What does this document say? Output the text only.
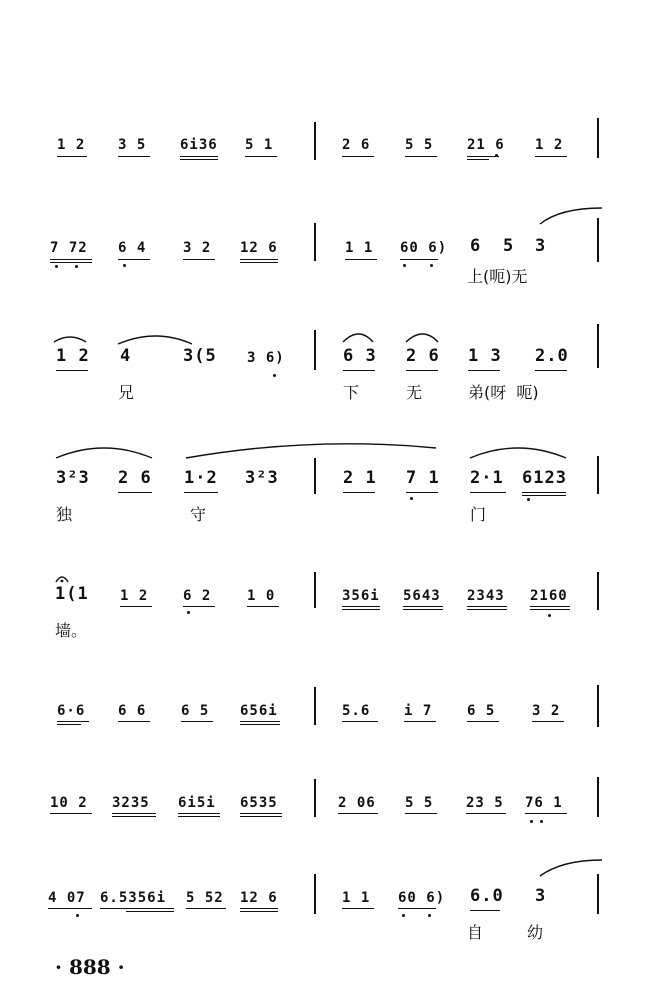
1 2 3 5 6i36 5 1	2 6 5 5 21 6 1 2
7 72 6 4	3 2 12 6	1 1 60 6) 6 5 3
上(呃)无
1 2 4	3(5 3 6)	6 3 2 6 1 3 2.0
兄	下	无	弟(呀  呃)
3²3 2 6 1·2 3²3	2 1 7 1 2·1 6123
独	守	门
1(1 1 2 6 2	1 0	356i 5643 2343 2160
墙。
6·6 6 6 6 5 656i	5.6 i 7 6 5	3 2
10 2 3235 6i5i 6535	2 06 5 5 23 5 76 1
4 07 6.5356i 5 52 12 6	1 1 60 6) 6.0 3
自	幼
· 888 ·
